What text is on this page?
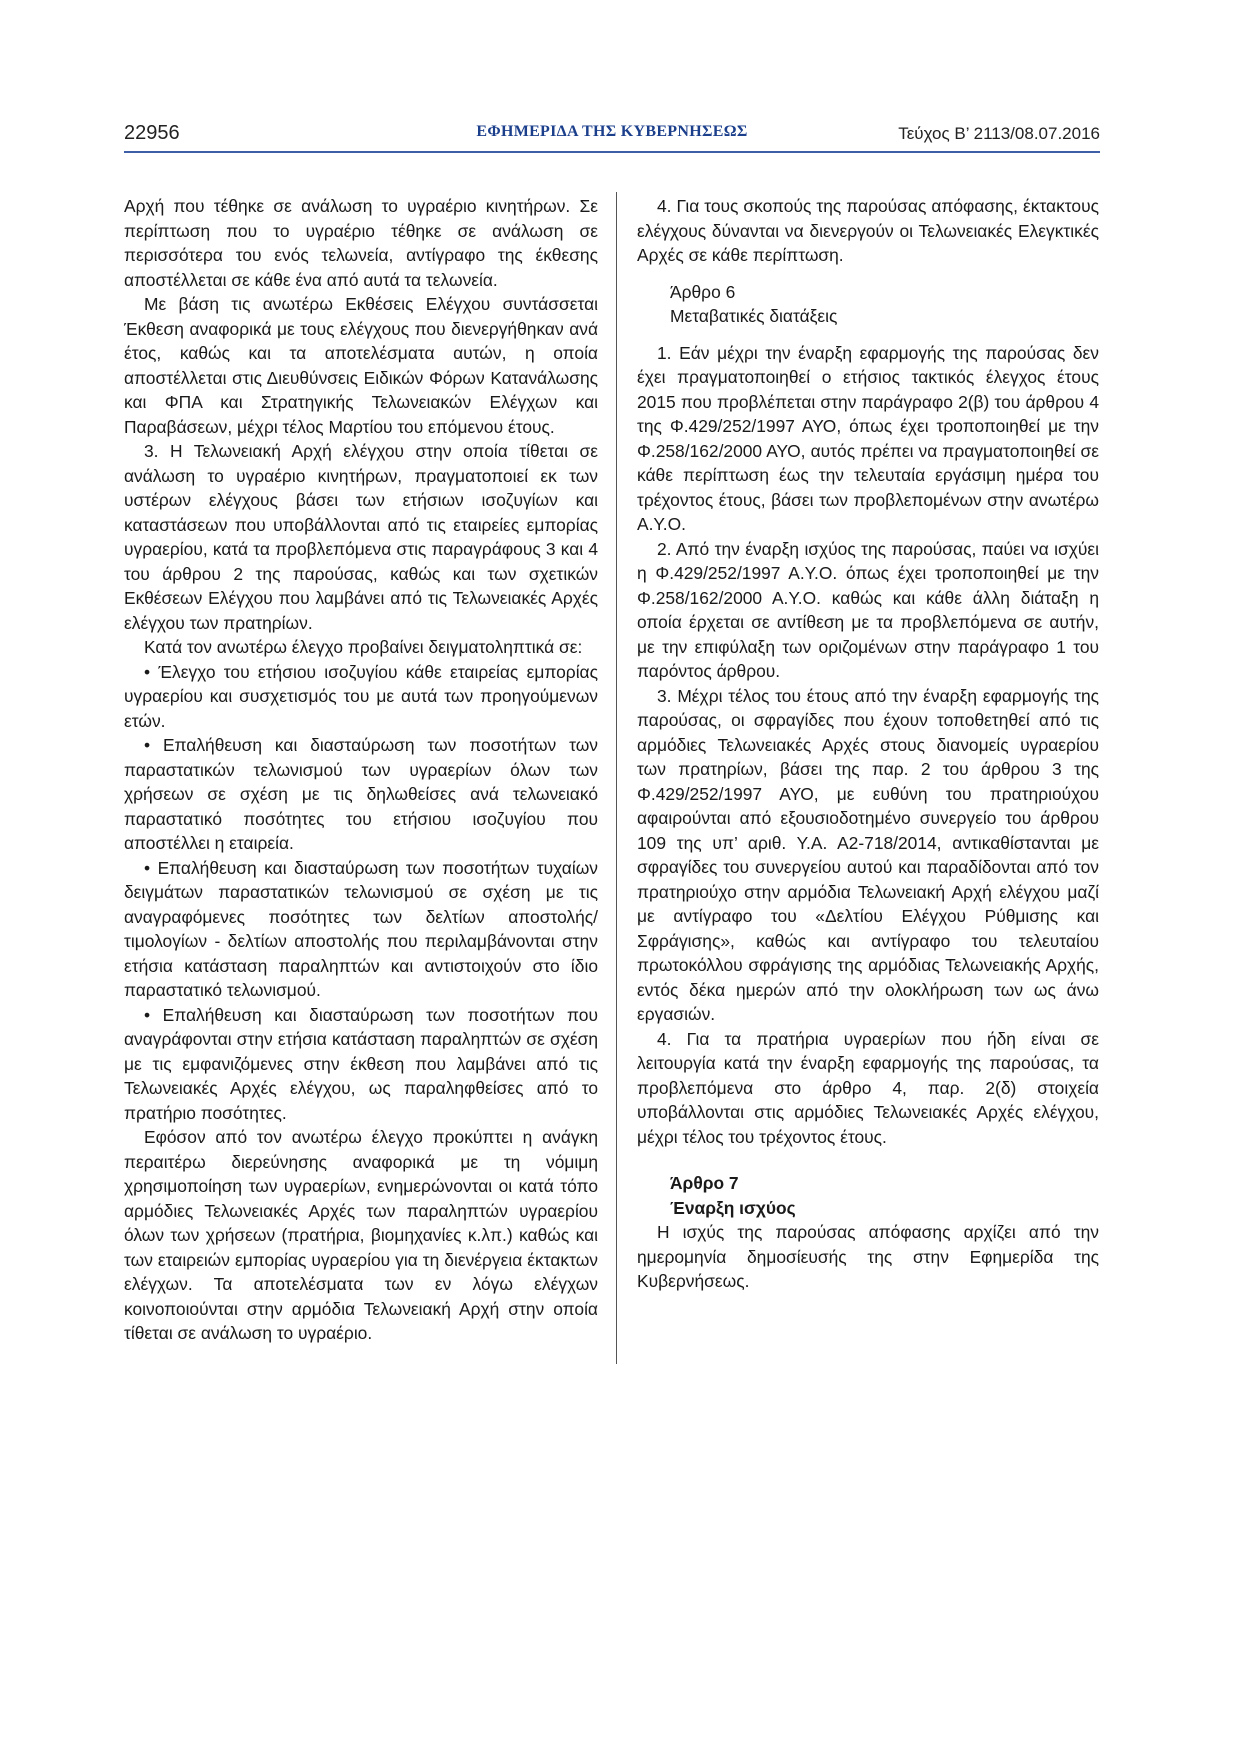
22956	ΕΦΗΜΕΡΙΔΑ ΤΗΣ ΚΥΒΕΡΝΗΣΕΩΣ	Τεύχος Β’ 2113/08.07.2016

Αρχή που τέθηκε σε ανάλωση το υγραέριο κινητήρων. Σε περίπτωση που το υγραέριο τέθηκε σε ανάλωση σε περισσότερα του ενός τελωνεία, αντίγραφο της έκθεσης αποστέλλεται σε κάθε ένα από αυτά τα τελωνεία.

Με βάση τις ανωτέρω Εκθέσεις Ελέγχου συντάσσεται Έκθεση αναφορικά με τους ελέγχους που διενεργήθηκαν ανά έτος, καθώς και τα αποτελέσματα αυτών, η οποία αποστέλλεται στις Διευθύνσεις Ειδικών Φόρων Κατανάλωσης και ΦΠΑ και Στρατηγικής Τελωνειακών Ελέγχων και Παραβάσεων, μέχρι τέλος Μαρτίου του επόμενου έτους.

3. Η Τελωνειακή Αρχή ελέγχου στην οποία τίθεται σε ανάλωση το υγραέριο κινητήρων, πραγματοποιεί εκ των υστέρων ελέγχους βάσει των ετήσιων ισοζυγίων και καταστάσεων που υποβάλλονται από τις εταιρείες εμπορίας υγραερίου, κατά τα προβλεπόμενα στις παραγράφους 3 και 4 του άρθρου 2 της παρούσας, καθώς και των σχετικών Εκθέσεων Ελέγχου που λαμβάνει από τις Τελωνειακές Αρχές ελέγχου των πρατηρίων.

Κατά τον ανωτέρω έλεγχο προβαίνει δειγματοληπτικά σε:

• Έλεγχο του ετήσιου ισοζυγίου κάθε εταιρείας εμπορίας υγραερίου και συσχετισμός του με αυτά των προηγούμενων ετών.

• Επαλήθευση και διασταύρωση των ποσοτήτων των παραστατικών τελωνισμού των υγραερίων όλων των χρήσεων σε σχέση με τις δηλωθείσες ανά τελωνειακό παραστατικό ποσότητες του ετήσιου ισοζυγίου που αποστέλλει η εταιρεία.

• Επαλήθευση και διασταύρωση των ποσοτήτων τυχαίων δειγμάτων παραστατικών τελωνισμού σε σχέση με τις αναγραφόμενες ποσότητες των δελτίων αποστολής/τιμολογίων - δελτίων αποστολής που περιλαμβάνονται στην ετήσια κατάσταση παραληπτών και αντιστοιχούν στο ίδιο παραστατικό τελωνισμού.

• Επαλήθευση και διασταύρωση των ποσοτήτων που αναγράφονται στην ετήσια κατάσταση παραληπτών σε σχέση με τις εμφανιζόμενες στην έκθεση που λαμβάνει από τις Τελωνειακές Αρχές ελέγχου, ως παραληφθείσες από το πρατήριο ποσότητες.

Εφόσον από τον ανωτέρω έλεγχο προκύπτει η ανάγκη περαιτέρω διερεύνησης αναφορικά με τη νόμιμη χρησιμοποίηση των υγραερίων, ενημερώνονται οι κατά τόπο αρμόδιες Τελωνειακές Αρχές των παραληπτών υγραερίου όλων των χρήσεων (πρατήρια, βιομηχανίες κ.λπ.) καθώς και των εταιρειών εμπορίας υγραερίου για τη διενέργεια έκτακτων ελέγχων. Τα αποτελέσματα των εν λόγω ελέγχων κοινοποιούνται στην αρμόδια Τελωνειακή Αρχή στην οποία τίθεται σε ανάλωση το υγραέριο.

4. Για τους σκοπούς της παρούσας απόφασης, έκτακτους ελέγχους δύνανται να διενεργούν οι Τελωνειακές Ελεγκτικές Αρχές σε κάθε περίπτωση.

Άρθρο 6

Μεταβατικές διατάξεις

1. Εάν μέχρι την έναρξη εφαρμογής της παρούσας δεν έχει πραγματοποιηθεί ο ετήσιος τακτικός έλεγχος έτους 2015 που προβλέπεται στην παράγραφο 2(β) του άρθρου 4 της Φ.429/252/1997 ΑΥΟ, όπως έχει τροποποιηθεί με την Φ.258/162/2000 ΑΥΟ, αυτός πρέπει να πραγματοποιηθεί σε κάθε περίπτωση έως την τελευταία εργάσιμη ημέρα του τρέχοντος έτους, βάσει των προβλεπομένων στην ανωτέρω Α.Υ.Ο.

2. Από την έναρξη ισχύος της παρούσας, παύει να ισχύει η Φ.429/252/1997 Α.Υ.Ο. όπως έχει τροποποιηθεί με την Φ.258/162/2000 Α.Υ.Ο. καθώς και κάθε άλλη διάταξη η οποία έρχεται σε αντίθεση με τα προβλεπόμενα σε αυτήν, με την επιφύλαξη των οριζομένων στην παράγραφο 1 του παρόντος άρθρου.

3. Μέχρι τέλος του έτους από την έναρξη εφαρμογής της παρούσας, οι σφραγίδες που έχουν τοποθετηθεί από τις αρμόδιες Τελωνειακές Αρχές στους διανομείς υγραερίου των πρατηρίων, βάσει της παρ. 2 του άρθρου 3 της Φ.429/252/1997 ΑΥΟ, με ευθύνη του πρατηριούχου αφαιρούνται από εξουσιοδοτημένο συνεργείο του άρθρου 109 της υπ’ αριθ. Υ.Α. Α2-718/2014, αντικαθίστανται με σφραγίδες του συνεργείου αυτού και παραδίδονται από τον πρατηριούχο στην αρμόδια Τελωνειακή Αρχή ελέγχου μαζί με αντίγραφο του «Δελτίου Ελέγχου Ρύθμισης και Σφράγισης», καθώς και αντίγραφο του τελευταίου πρωτοκόλλου σφράγισης της αρμόδιας Τελωνειακής Αρχής, εντός δέκα ημερών από την ολοκλήρωση των ως άνω εργασιών.

4. Για τα πρατήρια υγραερίων που ήδη είναι σε λειτουργία κατά την έναρξη εφαρμογής της παρούσας, τα προβλεπόμενα στο άρθρο 4, παρ. 2(δ) στοιχεία υποβάλλονται στις αρμόδιες Τελωνειακές Αρχές ελέγχου, μέχρι τέλος του τρέχοντος έτους.

Άρθρο 7

Έναρξη ισχύος

Η ισχύς της παρούσας απόφασης αρχίζει από την ημερομηνία δημοσίευσής της στην Εφημερίδα της Κυβερνήσεως.
